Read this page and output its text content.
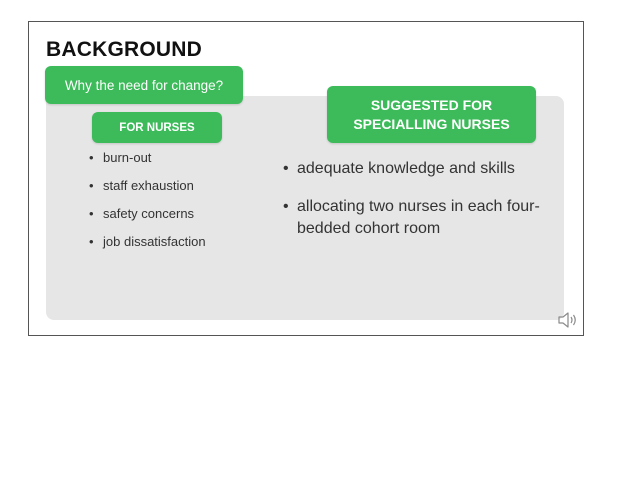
BACKGROUND
Why the need for change?
FOR NURSES
SUGGESTED FOR
SPECIALLING NURSES
• burn-out
• staff exhaustion
• safety concerns
• job dissatisfaction
• adequate knowledge and skills
• allocating two nurses in each four-bedded cohort room
